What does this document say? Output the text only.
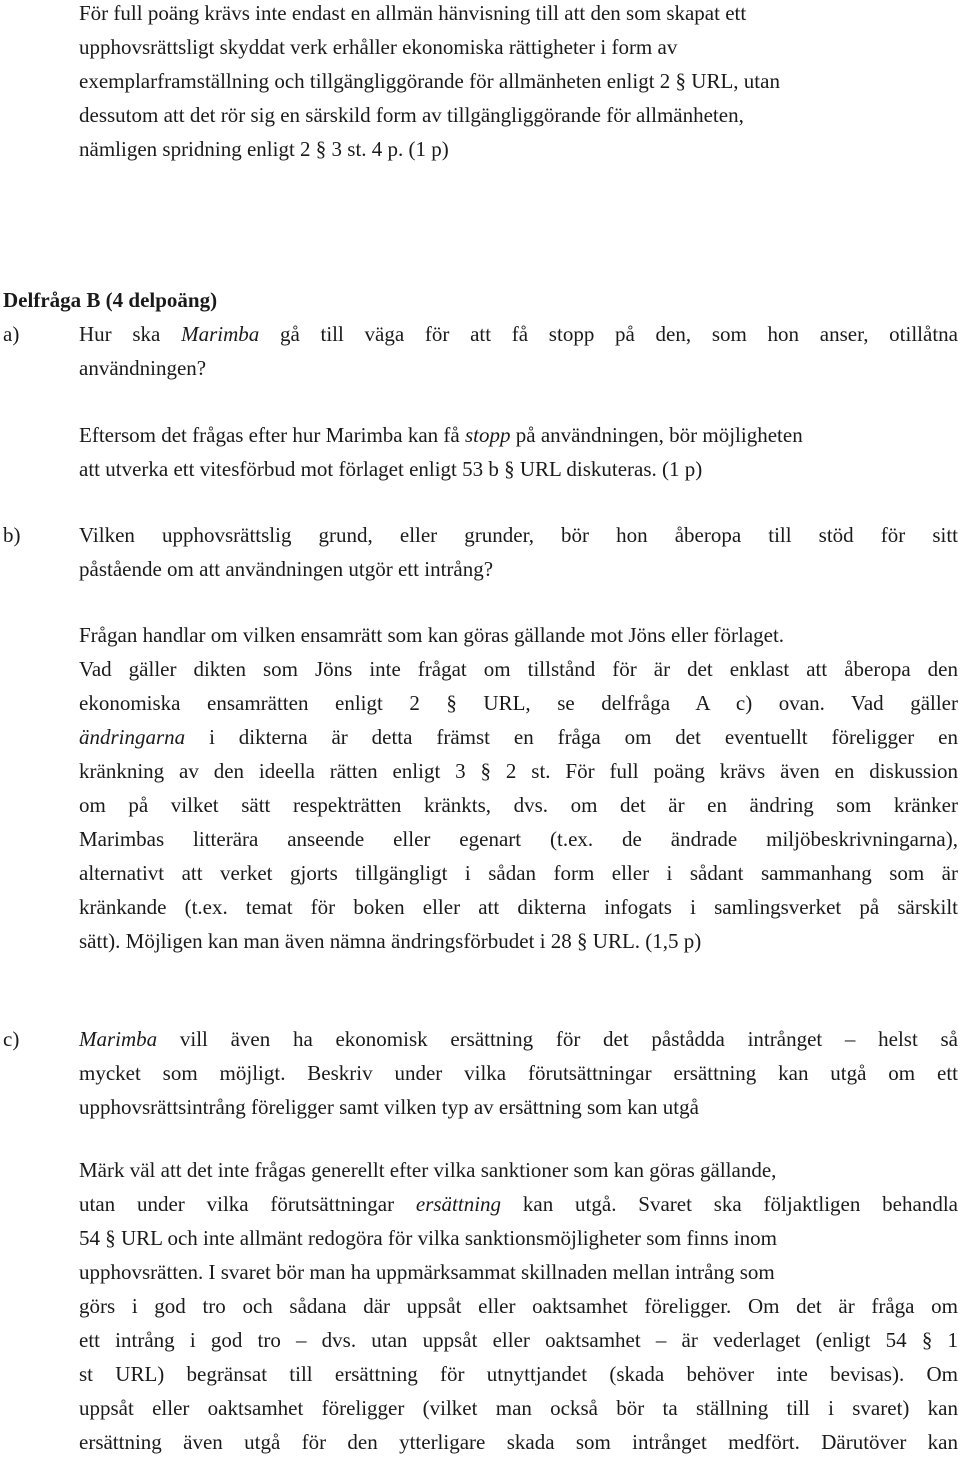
För full poäng krävs inte endast en allmän hänvisning till att den som skapat ett
upphovsrättsligt skyddat verk erhåller ekonomiska rättigheter i form av
exemplarframställning och tillgängliggörande för allmänheten enligt 2 § URL, utan
dessutom att det rör sig en särskild form av tillgängliggörande för allmänheten,
nämligen spridning enligt 2 § 3 st. 4 p. (1 p)
Delfråga B (4 delpoäng)
a)	Hur ska Marimba gå till väga för att få stopp på den, som hon anser, otillåtna
användningen?
Eftersom det frågas efter hur Marimba kan få stopp på användningen, bör möjligheten
att utverka ett vitesförbud mot förlaget enligt 53 b § URL diskuteras. (1 p)
b)	Vilken upphovsrättslig grund, eller grunder, bör hon åberopa till stöd för sitt
påstående om att användningen utgör ett intrång?
Frågan handlar om vilken ensamrätt som kan göras gällande mot Jöns eller förlaget.
Vad gäller dikten som Jöns inte frågat om tillstånd för är det enklast att åberopa den
ekonomiska ensamrätten enligt 2 § URL, se delfråga A c) ovan. Vad gäller
ändringarna i dikterna är detta främst en fråga om det eventuellt föreligger en
kränkning av den ideella rätten enligt 3 § 2 st. För full poäng krävs även en diskussion
om på vilket sätt respekträtten kränkts, dvs. om det är en ändring som kränker
Marimbas litterära anseende eller egenart (t.ex. de ändrade miljöbeskrivningarna),
alternativt att verket gjorts tillgängligt i sådan form eller i sådant sammanhang som är
kränkande (t.ex. temat för boken eller att dikterna infogats i samlingsverket på särskilt
sätt). Möjligen kan man även nämna ändringsförbudet i 28 § URL. (1,5 p)
c)	Marimba vill även ha ekonomisk ersättning för det påstådda intrånget – helst så
mycket som möjligt. Beskriv under vilka förutsättningar ersättning kan utgå om ett
upphovsrättsintrång föreligger samt vilken typ av ersättning som kan utgå
Märk väl att det inte frågas generellt efter vilka sanktioner som kan göras gällande,
utan under vilka förutsättningar ersättning kan utgå. Svaret ska följaktligen behandla
54 § URL och inte allmänt redogöra för vilka sanktionsmöjligheter som finns inom
upphovsrätten. I svaret bör man ha uppmärksammat skillnaden mellan intrång som
görs i god tro och sådana där uppsåt eller oaktsamhet föreligger. Om det är fråga om
ett intrång i god tro – dvs. utan uppsåt eller oaktsamhet – är vederlaget (enligt 54 § 1
st URL) begränsat till ersättning för utnyttjandet (skada behöver inte bevisas). Om
uppsåt eller oaktsamhet föreligger (vilket man också bör ta ställning till i svaret) kan
ersättning även utgå för den ytterligare skada som intrånget medfört. Därutöver kan
